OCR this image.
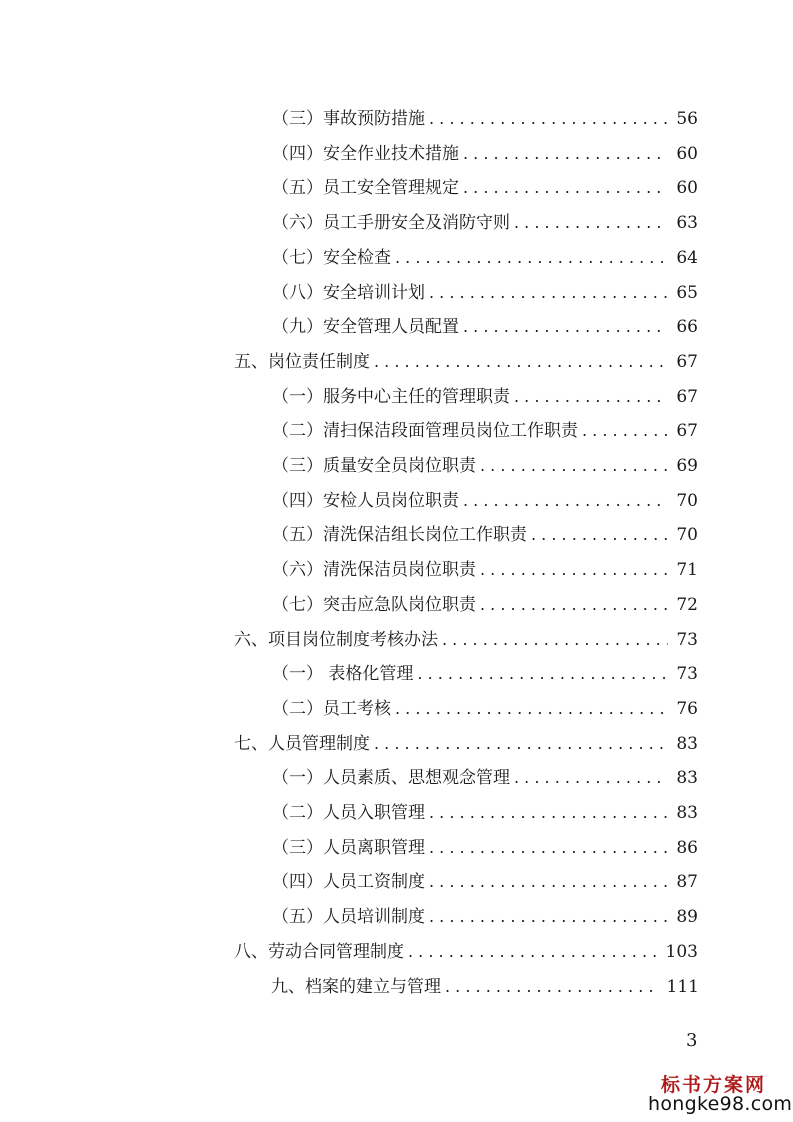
（三）事故预防措施 . . .	56
（四）安全作业技术措施 . . .	60
（五）员工安全管理规定 . . .	60
（六）员工手册安全及消防守则 . . .	63
（七）安全检查 . . .	64
（八）安全培训计划 . . .	65
（九）安全管理人员配置 . . .	66
五、岗位责任制度 . . .	67
（一）服务中心主任的管理职责 . . .	67
（二）清扫保洁段面管理员岗位工作职责 . . .	67
（三）质量安全员岗位职责 . . .	69
（四）安检人员岗位职责 . . .	70
（五）清洗保洁组长岗位工作职责 . . .	70
（六）清洗保洁员岗位职责 . . .	71
（七）突击应急队岗位职责 . . .	72
六、项目岗位制度考核办法 . . .	73
（一） 表格化管理 . . .	73
（二）员工考核 . . .	76
七、人员管理制度 . . .	83
（一）人员素质、思想观念管理 . . .	83
（二）人员入职管理 . . .	83
（三）人员离职管理 . . .	86
（四）人员工资制度 . . .	87
（五）人员培训制度 . . .	89
八、劳动合同管理制度 . . .	103
九、档案的建立与管理 . . .	111
3
标书方案网
hongke98.com
